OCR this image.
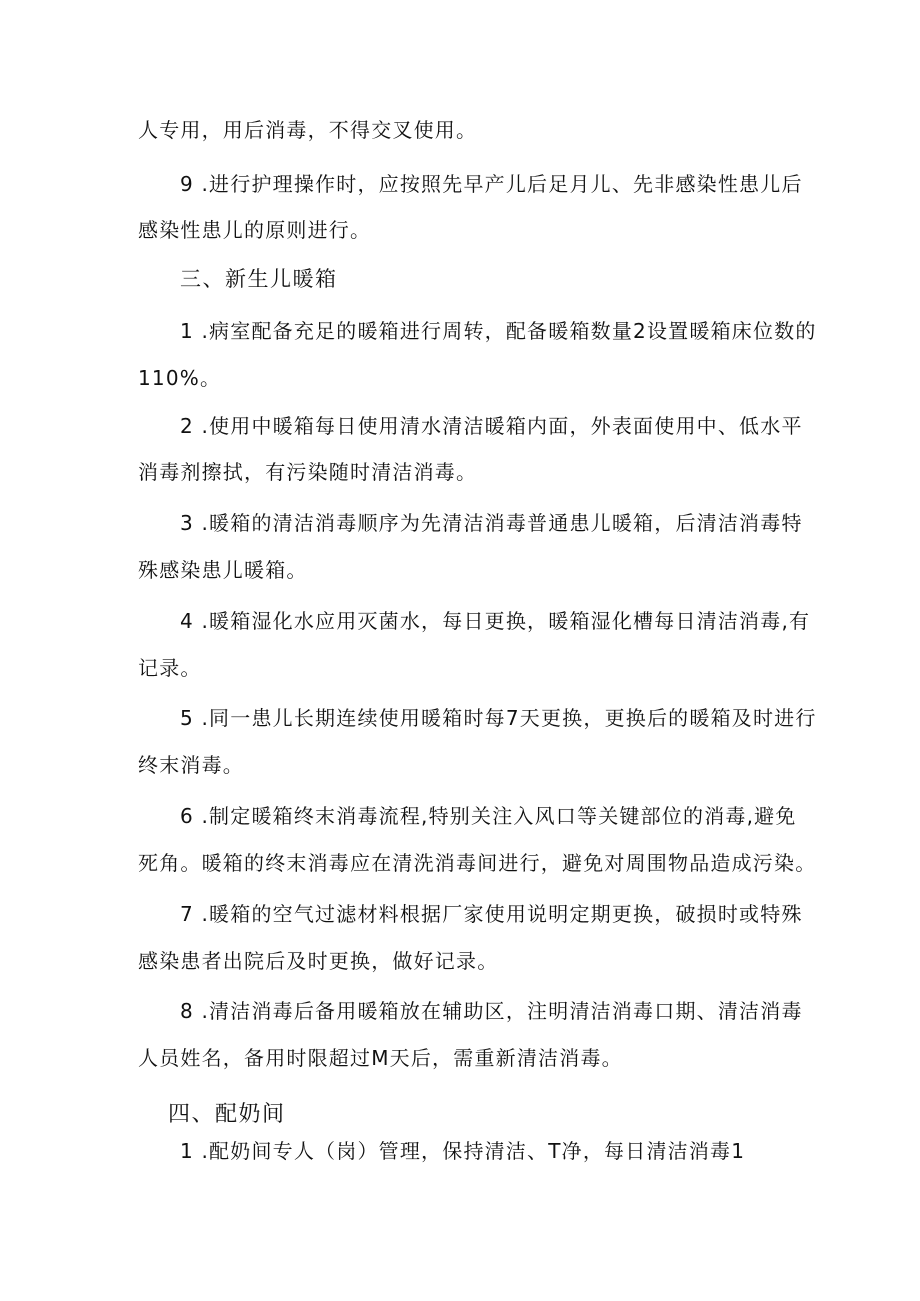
人专用，用后消毒，不得交叉使用。
9 .进行护理操作时，应按照先早产儿后足月儿、先非感染性患儿后
感染性患儿的原则进行。
三、新生儿暖箱
1 .病室配备充足的暖箱进行周转，配备暖箱数量2设置暖箱床位数的
110%。
2 .使用中暖箱每日使用清水清洁暖箱内面，外表面使用中、低水平
消毒剂擦拭，有污染随时清洁消毒。
3 .暖箱的清洁消毒顺序为先清洁消毒普通患儿暖箱，后清洁消毒特
殊感染患儿暖箱。
4 .暖箱湿化水应用灭菌水，每日更换，暖箱湿化槽每日清洁消毒,有
记录。
5 .同一患儿长期连续使用暖箱时每7天更换，更换后的暖箱及时进行
终末消毒。
6 .制定暖箱终末消毒流程,特别关注入风口等关键部位的消毒,避免
死角。暖箱的终末消毒应在清洗消毒间进行，避免对周围物品造成污染。
7 .暖箱的空气过滤材料根据厂家使用说明定期更换，破损时或特殊
感染患者出院后及时更换，做好记录。
8 .清洁消毒后备用暖箱放在辅助区，注明清洁消毒口期、清洁消毒
人员姓名，备用时限超过M天后，需重新清洁消毒。
四、配奶间
1 .配奶间专人（岗）管理，保持清洁、T净，每日清洁消毒1
